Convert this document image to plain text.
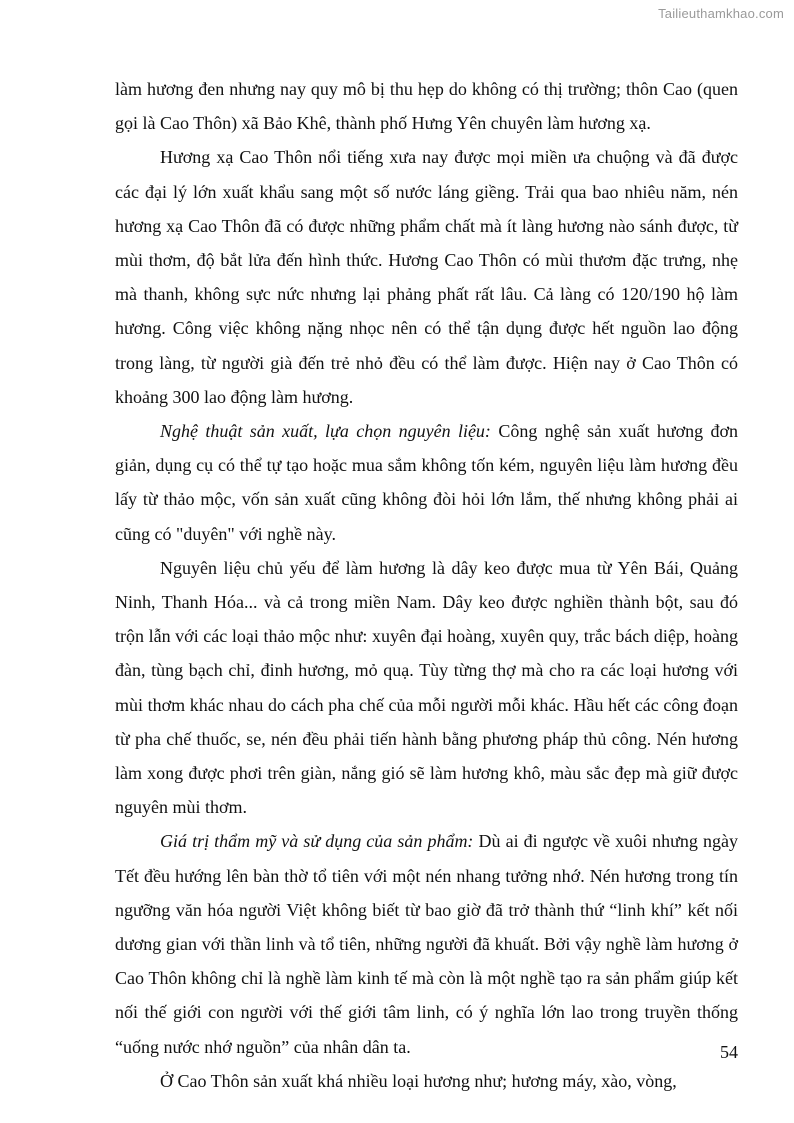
Tailieuthamkhao.com

làm hương đen nhưng nay quy mô bị thu hẹp do không có thị trường; thôn Cao (quen gọi là Cao Thôn) xã Bảo Khê, thành phố Hưng Yên chuyên làm hương xạ.

Hương xạ Cao Thôn nổi tiếng xưa nay được mọi miền ưa chuộng và đã được các đại lý lớn xuất khẩu sang một số nước láng giềng. Trải qua bao nhiêu năm, nén hương xạ Cao Thôn đã có được những phẩm chất mà ít làng hương nào sánh được, từ mùi thơm, độ bắt lửa đến hình thức. Hương Cao Thôn có mùi thươm đặc trưng, nhẹ mà thanh, không sực nức nhưng lại phảng phất rất lâu. Cả làng có 120/190 hộ làm hương. Công việc không nặng nhọc nên có thể tận dụng được hết nguồn lao động trong làng, từ người già đến trẻ nhỏ đều có thể làm được. Hiện nay ở Cao Thôn có khoảng 300 lao động làm hương.

Nghệ thuật sản xuất, lựa chọn nguyên liệu: Công nghệ sản xuất hương đơn giản, dụng cụ có thể tự tạo hoặc mua sắm không tốn kém, nguyên liệu làm hương đều lấy từ thảo mộc, vốn sản xuất cũng không đòi hỏi lớn lắm, thế nhưng không phải ai cũng có "duyên" với nghề này.

Nguyên liệu chủ yếu để làm hương là dây keo được mua từ Yên Bái, Quảng Ninh, Thanh Hóa... và cả trong miền Nam. Dây keo được nghiền thành bột, sau đó trộn lẫn với các loại thảo mộc như: xuyên đại hoàng, xuyên quy, trắc bách diệp, hoàng đàn, tùng bạch chỉ, đinh hương, mỏ quạ. Tùy từng thợ mà cho ra các loại hương với mùi thơm khác nhau do cách pha chế của mỗi người mỗi khác. Hầu hết các công đoạn từ pha chế thuốc, se, nén đều phải tiến hành bằng phương pháp thủ công. Nén hương làm xong được phơi trên giàn, nắng gió sẽ làm hương khô, màu sắc đẹp mà giữ được nguyên mùi thơm.

Giá trị thẩm mỹ và sử dụng của sản phẩm: Dù ai đi ngược về xuôi nhưng ngày Tết đều hướng lên bàn thờ tổ tiên với một nén nhang tưởng nhớ. Nén hương trong tín ngưỡng văn hóa người Việt không biết từ bao giờ đã trở thành thứ “linh khí” kết nối dương gian với thần linh và tổ tiên, những người đã khuất. Bởi vậy nghề làm hương ở Cao Thôn không chỉ là nghề làm kinh tế mà còn là một nghề tạo ra sản phẩm giúp kết nối thế giới con người với thế giới tâm linh, có ý nghĩa lớn lao trong truyền thống “uống nước nhớ nguồn” của nhân dân ta.

Ở Cao Thôn sản xuất khá nhiều loại hương như; hương máy, xào, vòng,

54
